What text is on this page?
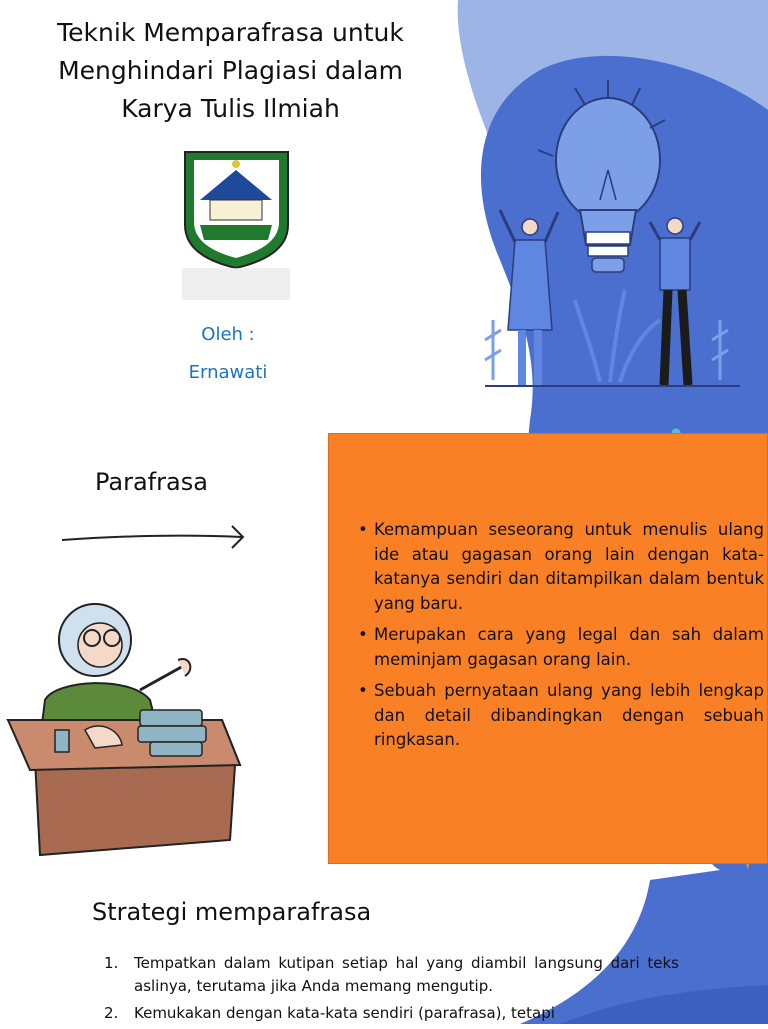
Teknik Memparafrasa untuk
Menghindari Plagiasi dalam
Karya Tulis Ilmiah
Oleh :
Ernawati
Parafrasa
• Kemampuan seseorang untuk menulis ulang ide atau gagasan orang lain dengan kata-katanya sendiri dan ditampilkan dalam bentuk yang baru.
• Merupakan cara yang legal dan sah dalam meminjam gagasan orang lain.
• Sebuah pernyataan ulang yang lebih lengkap dan detail dibandingkan dengan sebuah ringkasan.
Strategi memparafrasa
1. Tempatkan dalam kutipan setiap hal yang diambil langsung dari teks aslinya, terutama jika Anda memang mengutip.
2. Kemukakan dengan kata-kata sendiri (parafrasa), tetapi
